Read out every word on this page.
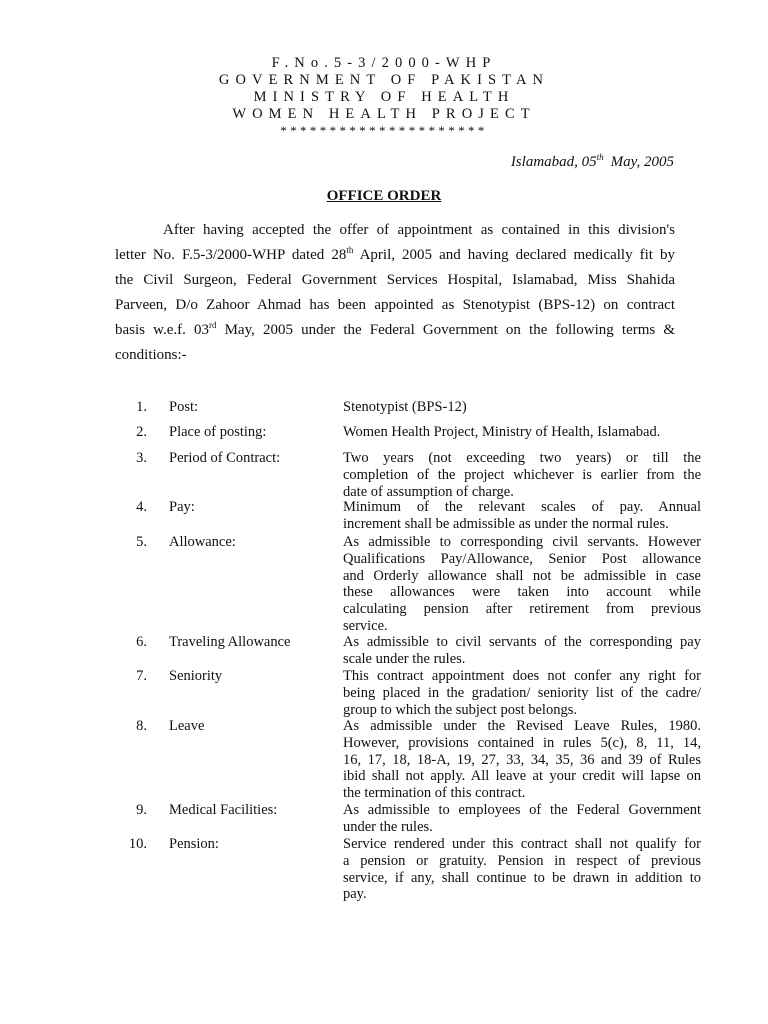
F.No.5-3/2000-WHP
GOVERNMENT OF PAKISTAN
MINISTRY OF HEALTH
WOMEN HEALTH PROJECT
*********************
Islamabad, 05th May, 2005
OFFICE ORDER
After having accepted the offer of appointment as contained in this division's
letter No. F.5-3/2000-WHP dated 28th April, 2005 and having declared medically fit by
the Civil Surgeon, Federal Government Services Hospital, Islamabad, Miss Shahida
Parveen, D/o Zahoor Ahmad has been appointed as Stenotypist (BPS-12) on contract
basis w.e.f. 03rd May, 2005 under the Federal Government on the following terms &
conditions:-
1. Post:	Stenotypist (BPS-12)
2. Place of posting:	Women Health Project, Ministry of Health, Islamabad.
3. Period of Contract:	Two years (not exceeding two years) or till the
completion of the project whichever is earlier from the
date of assumption of charge.
4. Pay:	Minimum of the relevant scales of pay. Annual
increment shall be admissible as under the normal rules.
5. Allowance:	As admissible to corresponding civil servants. However
Qualifications Pay/Allowance, Senior Post allowance
and Orderly allowance shall not be admissible in case
these allowances were taken into account while
calculating pension after retirement from previous
service.
6. Traveling Allowance	As admissible to civil servants of the corresponding pay
scale under the rules.
7. Seniority	This contract appointment does not confer any right for
being placed in the gradation/ seniority list of the cadre/
group to which the subject post belongs.
8. Leave	As admissible under the Revised Leave Rules, 1980.
However, provisions contained in rules 5(c), 8, 11, 14,
16, 17, 18, 18-A, 19, 27, 33, 34, 35, 36 and 39 of Rules
ibid shall not apply. All leave at your credit will lapse on
the termination of this contract.
9. Medical Facilities:	As admissible to employees of the Federal Government
under the rules.
10. Pension:	Service rendered under this contract shall not qualify for
a pension or gratuity. Pension in respect of previous
service, if any, shall continue to be drawn in addition to
pay.
